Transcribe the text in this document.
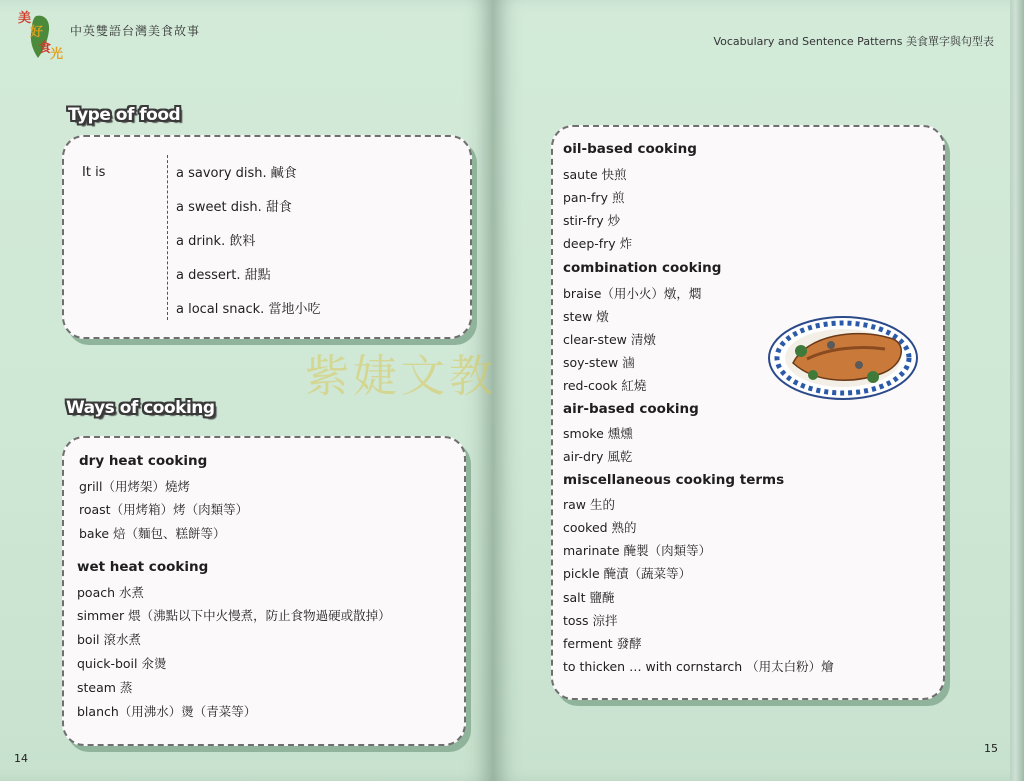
美
好
食
光
中英雙語台灣美食故事
Vocabulary and Sentence Patterns 美食單字與句型表
Type of food
It is	a savory dish. 鹹食
a sweet dish. 甜食
a drink. 飲料
a dessert. 甜點
a local snack. 當地小吃
Ways of cooking
dry heat cooking
grill（用烤架）燒烤
roast（用烤箱）烤（肉類等）
bake 焙（麵包、糕餅等）
wet heat cooking
poach 水煮
simmer 煨（沸點以下中火慢煮，防止食物過硬或散掉）
boil 滾水煮
quick-boil 氽燙
steam 蒸
blanch（用沸水）燙（青菜等）
oil-based cooking
saute 快煎
pan-fry 煎
stir-fry 炒
deep-fry 炸
combination cooking
braise（用小火）燉，燜
stew 燉
clear-stew 清燉
soy-stew 滷
red-cook 紅燒
air-based cooking
smoke 燻燻
air-dry 風乾
miscellaneous cooking terms
raw 生的
cooked 熟的
marinate 醃製（肉類等）
pickle 醃漬（蔬菜等）
salt 鹽醃
toss 涼拌
ferment 發酵
to thicken … with cornstarch （用太白粉）燴
紫婕文教
14
15
